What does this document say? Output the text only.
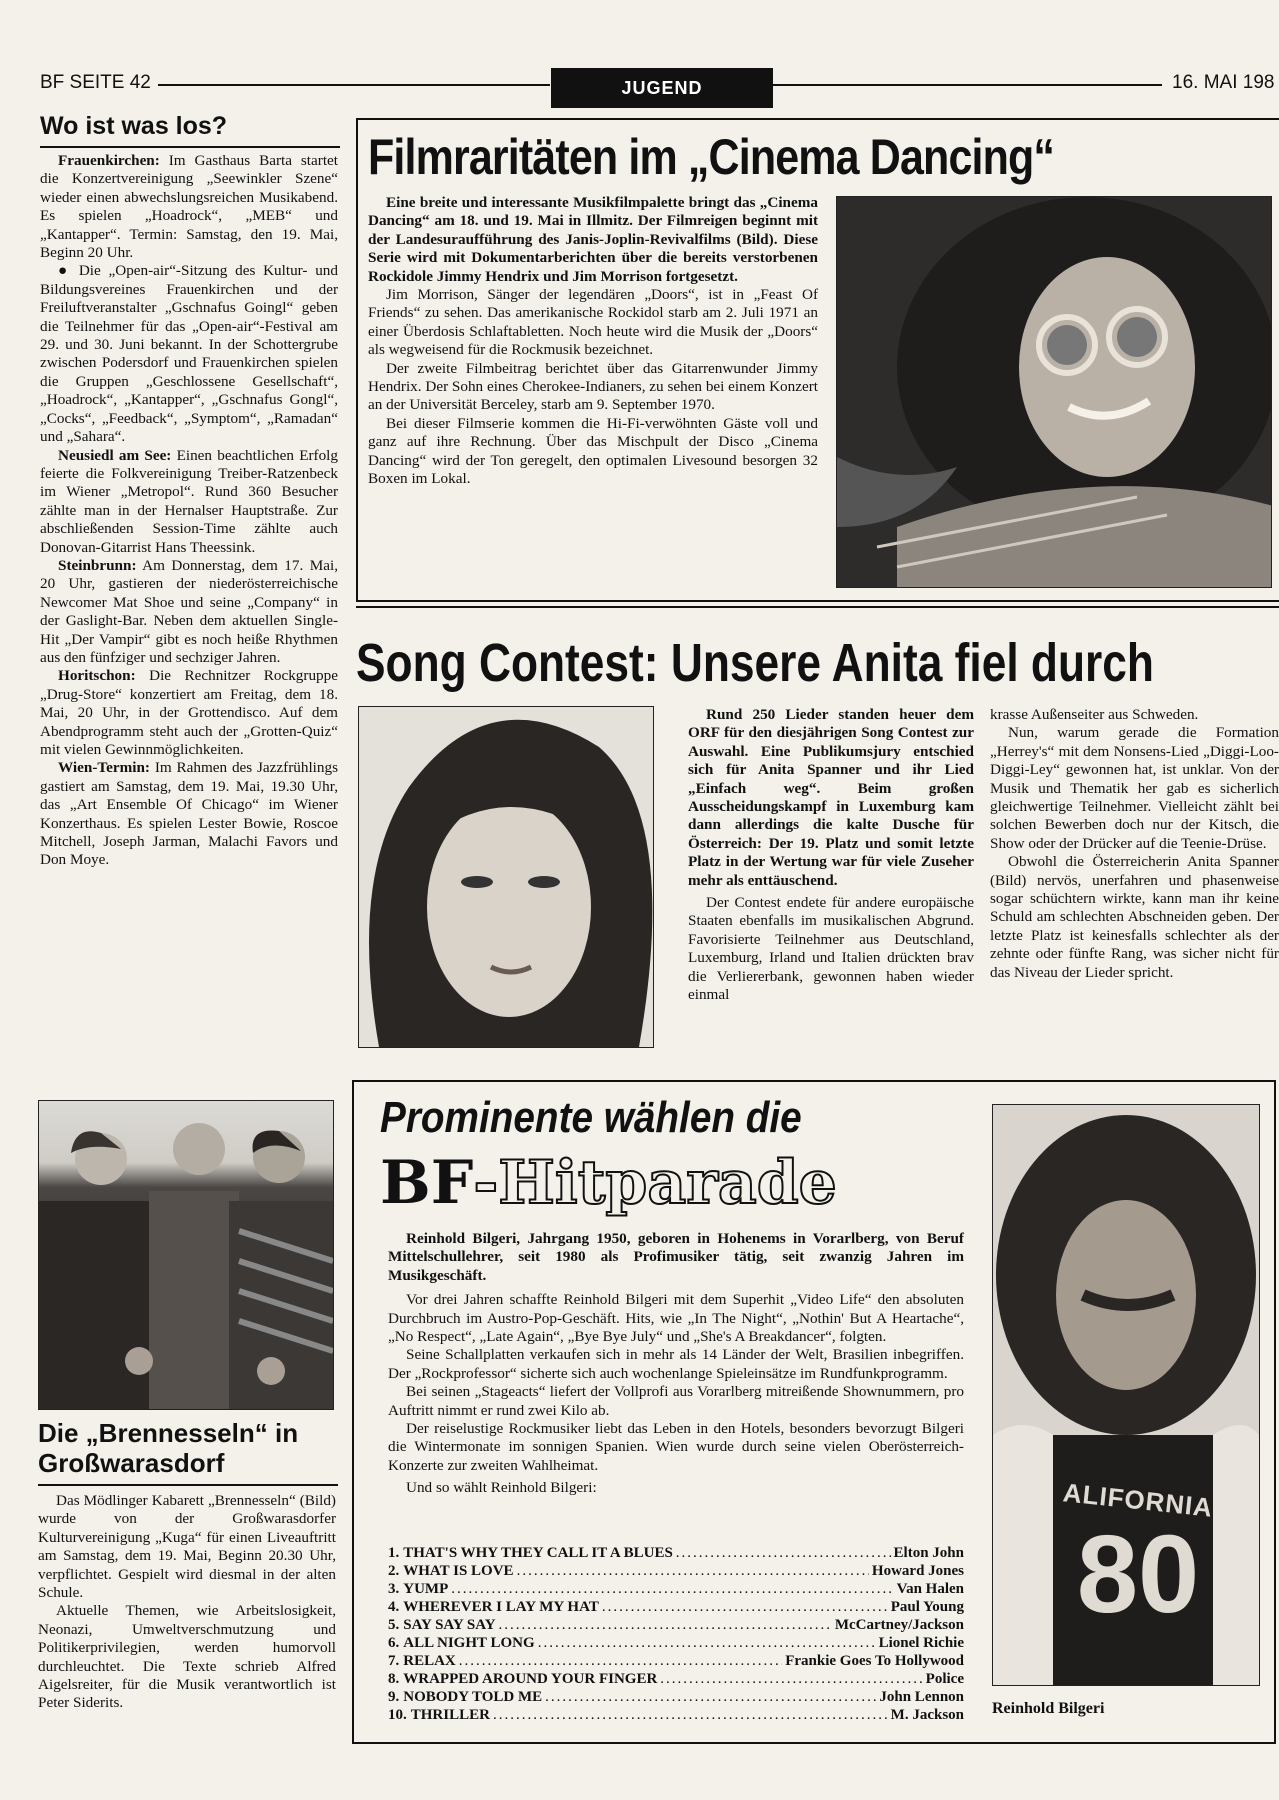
BF SEITE 42	JUGEND	16. MAI 198
Wo ist was los?

Frauenkirchen: Im Gasthaus Barta startet die Konzertvereinigung „Seewinkler Szene“ wieder einen abwechslungsreichen Musikabend. Es spielen „Hoadrock“, „MEB“ und „Kantapper“. Termin: Samstag, den 19. Mai, Beginn 20 Uhr.

● Die „Open-air“-Sitzung des Kultur- und Bildungsvereines Frauenkirchen und der Freiluftveranstalter „Gschnafus Goingl“ geben die Teilnehmer für das „Open-air“-Festival am 29. und 30. Juni bekannt. In der Schottergrube zwischen Podersdorf und Frauenkirchen spielen die Gruppen „Geschlossene Gesellschaft“, „Hoadrock“, „Kantapper“, „Gschnafus Gongl“, „Cocks“, „Feedback“, „Symptom“, „Ramadan“ und „Sahara“.

Neusiedl am See: Einen beachtlichen Erfolg feierte die Folkvereinigung Treiber-Ratzenbeck im Wiener „Metropol“. Rund 360 Besucher zählte man in der Hernalser Hauptstraße. Zur abschließenden Session-Time zählte auch Donovan-Gitarrist Hans Theessink.

Steinbrunn: Am Donnerstag, dem 17. Mai, 20 Uhr, gastieren der niederösterreichische Newcomer Mat Shoe und seine „Company“ in der Gaslight-Bar. Neben dem aktuellen Single-Hit „Der Vampir“ gibt es noch heiße Rhythmen aus den fünfziger und sechziger Jahren.

Horitschon: Die Rechnitzer Rockgruppe „Drug-Store“ konzertiert am Freitag, dem 18. Mai, 20 Uhr, in der Grottendisco. Auf dem Abendprogramm steht auch der „Grotten-Quiz“ mit vielen Gewinnmöglichkeiten.

Wien-Termin: Im Rahmen des Jazzfrühlings gastiert am Samstag, dem 19. Mai, 19.30 Uhr, das „Art Ensemble Of Chicago“ im Wiener Konzerthaus. Es spielen Lester Bowie, Roscoe Mitchell, Joseph Jarman, Malachi Favors und Don Moye.

Die „Brennesseln“ in Großwarasdorf

Das Mödlinger Kabarett „Brennesseln“ (Bild) wurde von der Großwarasdorfer Kulturvereinigung „Kuga“ für einen Liveauftritt am Samstag, dem 19. Mai, Beginn 20.30 Uhr, verpflichtet. Gespielt wird diesmal in der alten Schule.

Aktuelle Themen, wie Arbeitslosigkeit, Neonazi, Umweltverschmutzung und Politikerprivilegien, werden humorvoll durchleuchtet. Die Texte schrieb Alfred Aigelsreiter, für die Musik verantwortlich ist Peter Siderits.

Filmraritäten im „Cinema Dancing“

Eine breite und interessante Musikfilmpalette bringt das „Cinema Dancing“ am 18. und 19. Mai in Illmitz. Der Filmreigen beginnt mit der Landesuraufführung des Janis-Joplin-Revivalfilms (Bild). Diese Serie wird mit Dokumentarberichten über die bereits verstorbenen Rockidole Jimmy Hendrix und Jim Morrison fortgesetzt.

Jim Morrison, Sänger der legendären „Doors“, ist in „Feast Of Friends“ zu sehen. Das amerikanische Rockidol starb am 2. Juli 1971 an einer Überdosis Schlaftabletten. Noch heute wird die Musik der „Doors“ als wegweisend für die Rockmusik bezeichnet.

Der zweite Filmbeitrag berichtet über das Gitarrenwunder Jimmy Hendrix. Der Sohn eines Cherokee-Indianers, zu sehen bei einem Konzert an der Universität Berceley, starb am 9. September 1970.

Bei dieser Filmserie kommen die Hi-Fi-verwöhnten Gäste voll und ganz auf ihre Rechnung. Über das Mischpult der Disco „Cinema Dancing“ wird der Ton geregelt, den optimalen Livesound besorgen 32 Boxen im Lokal.

Song Contest: Unsere Anita fiel durch

Rund 250 Lieder standen heuer dem ORF für den diesjährigen Song Contest zur Auswahl. Eine Publikumsjury entschied sich für Anita Spanner und ihr Lied „Einfach weg“. Beim großen Ausscheidungskampf in Luxemburg kam dann allerdings die kalte Dusche für Österreich: Der 19. Platz und somit letzte Platz in der Wertung war für viele Zuseher mehr als enttäuschend.

Der Contest endete für andere europäische Staaten ebenfalls im musikalischen Abgrund. Favorisierte Teilnehmer aus Deutschland, Luxemburg, Irland und Italien drückten brav die Verliererbank, gewonnen haben wieder einmal

krasse Außenseiter aus Schweden.

Nun, warum gerade die Formation „Herrey's“ mit dem Nonsens-Lied „Diggi-Loo-Diggi-Ley“ gewonnen hat, ist unklar. Von der Musik und Thematik her gab es sicherlich gleichwertige Teilnehmer. Vielleicht zählt bei solchen Bewerben doch nur der Kitsch, die Show oder der Drücker auf die Teenie-Drüse.

Obwohl die Österreicherin Anita Spanner (Bild) nervös, unerfahren und phasenweise sogar schüchtern wirkte, kann man ihr keine Schuld am schlechten Abschneiden geben. Der letzte Platz ist keinesfalls schlechter als der zehnte oder fünfte Rang, was sicher nicht für das Niveau der Lieder spricht.

Prominente wählen die
BF-Hitparade

Reinhold Bilgeri, Jahrgang 1950, geboren in Hohenems in Vorarlberg, von Beruf Mittelschullehrer, seit 1980 als Profimusiker tätig, seit zwanzig Jahren im Musikgeschäft.

Vor drei Jahren schaffte Reinhold Bilgeri mit dem Superhit „Video Life“ den absoluten Durchbruch im Austro-Pop-Geschäft. Hits, wie „In The Night“, „Nothin' But A Heartache“, „No Respect“, „Late Again“, „Bye Bye July“ und „She's A Breakdancer“, folgten.

Seine Schallplatten verkaufen sich in mehr als 14 Länder der Welt, Brasilien inbegriffen. Der „Rockprofessor“ sicherte sich auch wochenlange Spieleinsätze im Rundfunkprogramm.

Bei seinen „Stageacts“ liefert der Vollprofi aus Vorarlberg mitreißende Shownummern, pro Auftritt nimmt er rund zwei Kilo ab.

Der reiselustige Rockmusiker liebt das Leben in den Hotels, besonders bevorzugt Bilgeri die Wintermonate im sonnigen Spanien. Wien wurde durch seine vielen Oberösterreich-Konzerte zur zweiten Wahlheimat.

Und so wählt Reinhold Bilgeri:

1. THAT'S WHY THEY CALL IT A BLUES .....	Elton John
2. WHAT IS LOVE .....	Howard Jones
3. YUMP .....	Van Halen
4. WHEREVER I LAY MY HAT .....	Paul Young
5. SAY SAY SAY .....	McCartney/Jackson
6. ALL NIGHT LONG .....	Lionel Richie
7. RELAX .....	Frankie Goes To Hollywood
8. WRAPPED AROUND YOUR FINGER .....	Police
9. NOBODY TOLD ME .....	John Lennon
10. THRILLER .....	M. Jackson
ALIFORNIA
80
Reinhold Bilgeri
